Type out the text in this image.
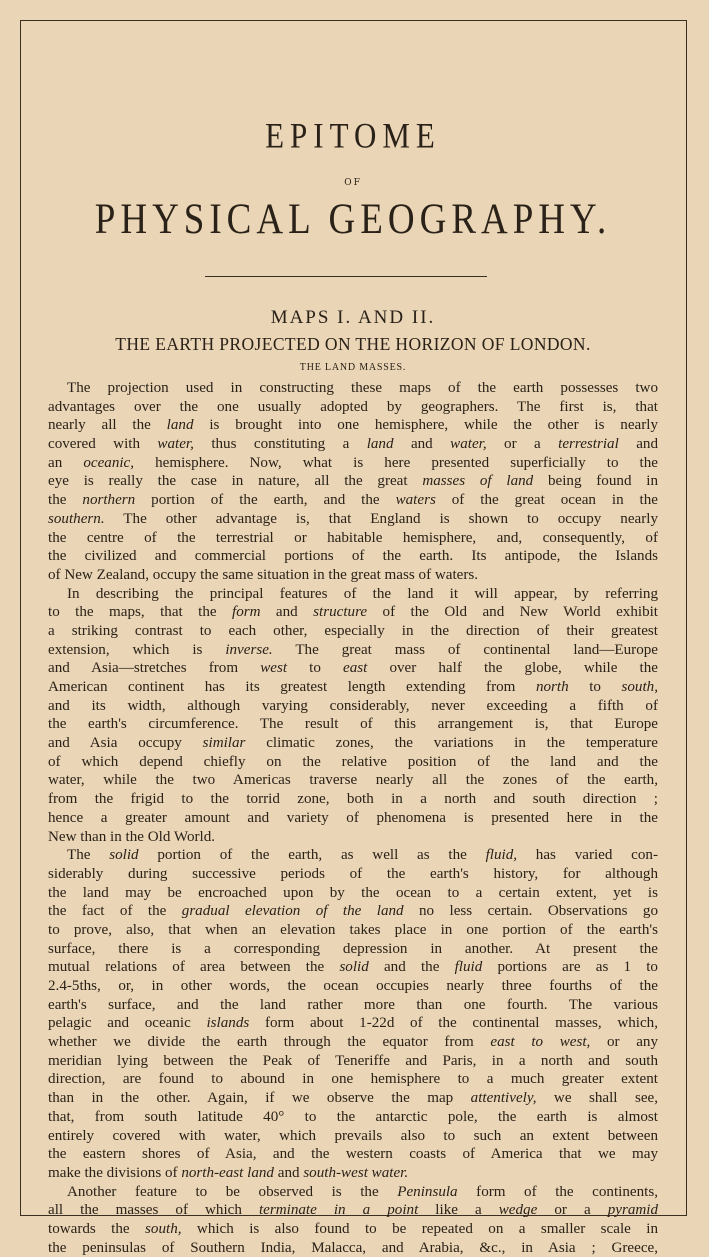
EPITOME
OF
PHYSICAL GEOGRAPHY.
MAPS I. AND II.
THE EARTH PROJECTED ON THE HORIZON OF LONDON.
THE LAND MASSES.
The projection used in constructing these maps of the earth possesses two
advantages over the one usually adopted by geographers. The first is, that
nearly all the land is brought into one hemisphere, while the other is nearly
covered with water, thus constituting a land and water, or a terrestrial and
an oceanic, hemisphere. Now, what is here presented superficially to the
eye is really the case in nature, all the great masses of land being found in
the northern portion of the earth, and the waters of the great ocean in the
southern. The other advantage is, that England is shown to occupy nearly
the centre of the terrestrial or habitable hemisphere, and, consequently, of
the civilized and commercial portions of the earth. Its antipode, the Islands
of New Zealand, occupy the same situation in the great mass of waters.
In describing the principal features of the land it will appear, by referring
to the maps, that the form and structure of the Old and New World exhibit
a striking contrast to each other, especially in the direction of their greatest
extension, which is inverse. The great mass of continental land—Europe
and Asia—stretches from west to east over half the globe, while the
American continent has its greatest length extending from north to south,
and its width, although varying considerably, never exceeding a fifth of
the earth's circumference. The result of this arrangement is, that Europe
and Asia occupy similar climatic zones, the variations in the temperature
of which depend chiefly on the relative position of the land and the
water, while the two Americas traverse nearly all the zones of the earth,
from the frigid to the torrid zone, both in a north and south direction ;
hence a greater amount and variety of phenomena is presented here in the
New than in the Old World.
The solid portion of the earth, as well as the fluid, has varied con-
siderably during successive periods of the earth's history, for although
the land may be encroached upon by the ocean to a certain extent, yet is
the fact of the gradual elevation of the land no less certain. Observations go
to prove, also, that when an elevation takes place in one portion of the earth's
surface, there is a corresponding depression in another. At present the
mutual relations of area between the solid and the fluid portions are as 1 to
2.4-5ths, or, in other words, the ocean occupies nearly three fourths of the
earth's surface, and the land rather more than one fourth. The various
pelagic and oceanic islands form about 1-22d of the continental masses, which,
whether we divide the earth through the equator from east to west, or any
meridian lying between the Peak of Teneriffe and Paris, in a north and south
direction, are found to abound in one hemisphere to a much greater extent
than in the other. Again, if we observe the map attentively, we shall see,
that, from south latitude 40° to the antarctic pole, the earth is almost
entirely covered with water, which prevails also to such an extent between
the eastern shores of Asia, and the western coasts of America that we may
make the divisions of north-east land and south-west water.
Another feature to be observed is the Peninsula form of the continents,
all the masses of which terminate in a point like a wedge or a pyramid
towards the south, which is also found to be repeated on a smaller scale in
the peninsulas of Southern India, Malacca, and Arabia, &c., in Asia ; Greece,
